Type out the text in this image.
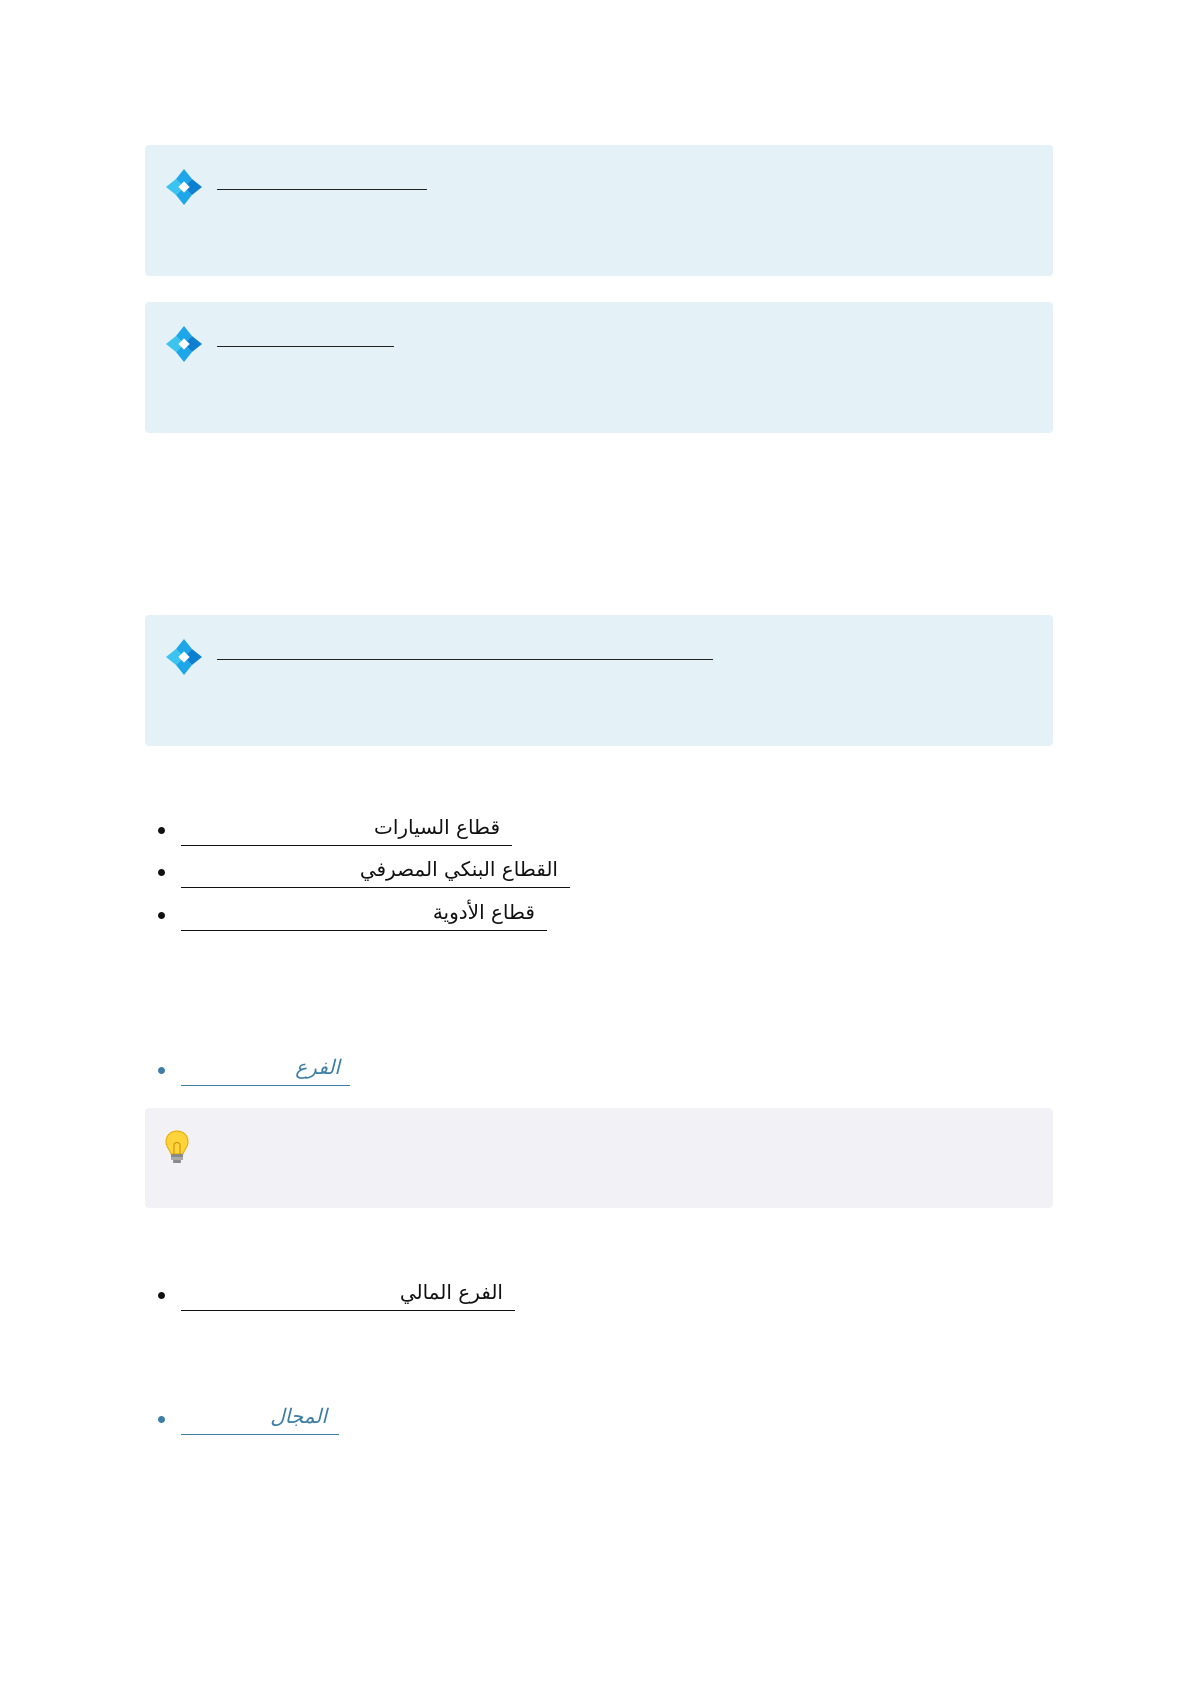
قطاع السيارات
القطاع البنكي المصرفي
قطاع الأدوية
الفرع
الفرع المالي
المجال
